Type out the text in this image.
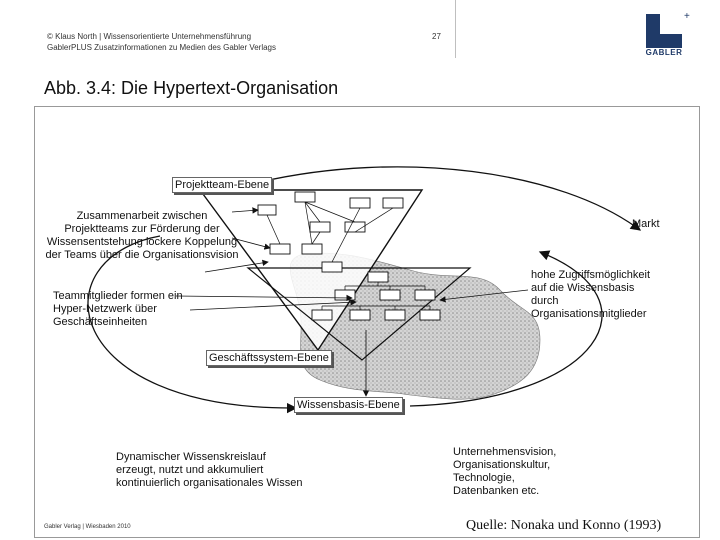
© Klaus North | Wissensorientierte Unternehmensführung
GablerPLUS Zusatzinformationen zu Medien des Gabler Verlags
27
+
GABLER
Abb. 3.4: Die Hypertext-Organisation
Projektteam-Ebene
Geschäftssystem-Ebene
Wissensbasis-Ebene
Zusammenarbeit zwischen Projektteams zur Förderung der Wissensentstehung lockere Koppelung der Teams über die Organisationsvision
Teammitglieder formen ein Hyper-Netzwerk über Geschäftseinheiten
Markt
hohe Zugriffsmöglichkeit auf die Wissensbasis durch Organisationsmitglieder
Dynamischer Wissenskreislauf erzeugt, nutzt und akkumuliert kontinuierlich organisationales Wissen
Unternehmensvision, Organisationskultur, Technologie, Datenbanken etc.
Gabler Verlag | Wiesbaden 2010	Quelle: Nonaka und Konno (1993)
